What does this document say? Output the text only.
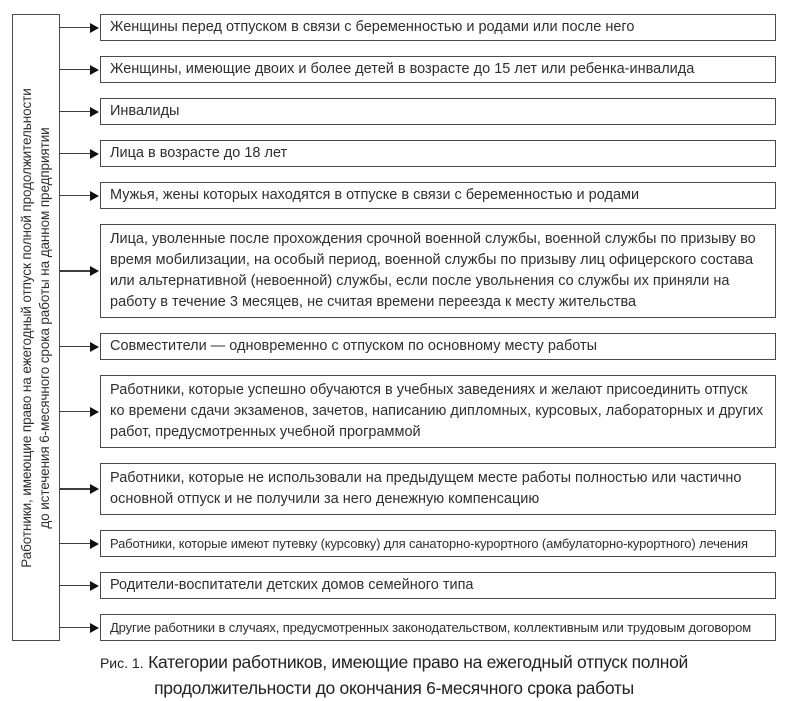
Работники, имеющие право на ежегодный отпуск полной продолжительности до истечения 6-месячного срока работы на данном предприятии
Женщины перед отпуском в связи с беременностью и родами или после него
Женщины, имеющие двоих и более детей в возрасте до 15 лет или ребенка-инвалида
Инвалиды
Лица в возрасте до 18 лет
Мужья, жены которых находятся в отпуске в связи с беременностью и родами
Лица, уволенные после прохождения срочной военной службы, военной службы по призыву во время мобилизации, на особый период, военной службы по призыву лиц офицерского состава или альтернативной (невоенной) службы, если после увольнения со службы их приняли на работу в течение 3 месяцев, не считая времени переезда к месту жительства
Совместители — одновременно с отпуском по основному месту работы
Работники, которые успешно обучаются в учебных заведениях и желают присоединить отпуск ко времени сдачи экзаменов, зачетов, написанию дипломных, курсовых, лабораторных и других работ, предусмотренных учебной программой
Работники, которые не использовали на предыдущем месте работы полностью или частично основной отпуск и не получили за него денежную компенсацию
Работники, которые имеют путевку (курсовку) для санаторно-курортного (амбулаторно-курортного) лечения
Родители-воспитатели детских домов семейного типа
Другие работники в случаях, предусмотренных законодательством, коллективным или трудовым договором
Рис. 1. Категории работников, имеющие право на ежегодный отпуск полной продолжительности до окончания 6-месячного срока работы
